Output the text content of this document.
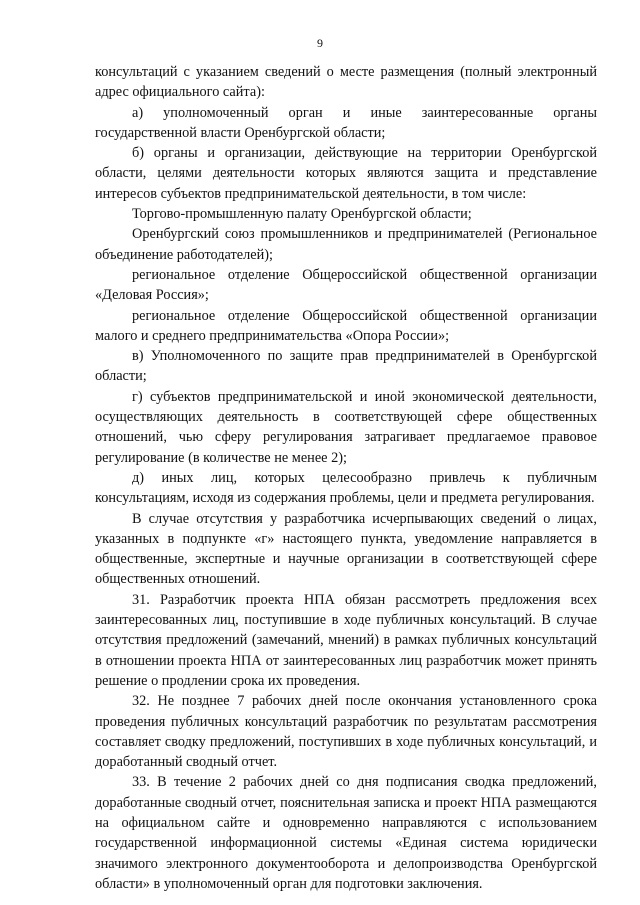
9

консультаций с указанием сведений о месте размещения (полный электронный адрес официального сайта):

а) уполномоченный орган и иные заинтересованные органы государственной власти Оренбургской области;

б) органы и организации, действующие на территории Оренбургской области, целями деятельности которых являются защита и представление интересов субъектов предпринимательской деятельности, в том числе:

Торгово-промышленную палату Оренбургской области;

Оренбургский союз промышленников и предпринимателей (Региональное объединение работодателей);

региональное отделение Общероссийской общественной организации «Деловая Россия»;

региональное отделение Общероссийской общественной организации малого и среднего предпринимательства «Опора России»;

в) Уполномоченного по защите прав предпринимателей в Оренбургской области;

г) субъектов предпринимательской и иной экономической деятельности, осуществляющих деятельность в соответствующей сфере общественных отношений, чью сферу регулирования затрагивает предлагаемое правовое регулирование (в количестве не менее 2);

д) иных лиц, которых целесообразно привлечь к публичным консультациям, исходя из содержания проблемы, цели и предмета регулирования.

В случае отсутствия у разработчика исчерпывающих сведений о лицах, указанных в подпункте «г» настоящего пункта, уведомление направляется в общественные, экспертные и научные организации в соответствующей сфере общественных отношений.

31. Разработчик проекта НПА обязан рассмотреть предложения всех заинтересованных лиц, поступившие в ходе публичных консультаций. В случае отсутствия предложений (замечаний, мнений) в рамках публичных консультаций в отношении проекта НПА от заинтересованных лиц разработчик может принять решение о продлении срока их проведения.

32. Не позднее 7 рабочих дней после окончания установленного срока проведения публичных консультаций разработчик по результатам рассмотрения составляет сводку предложений, поступивших в ходе публичных консультаций, и доработанный сводный отчет.

33. В течение 2 рабочих дней со дня подписания сводка предложений, доработанные сводный отчет, пояснительная записка и проект НПА размещаются на официальном сайте и одновременно направляются с использованием государственной информационной системы «Единая система юридически значимого электронного документооборота и делопроизводства Оренбургской области» в уполномоченный орган для подготовки заключения.
